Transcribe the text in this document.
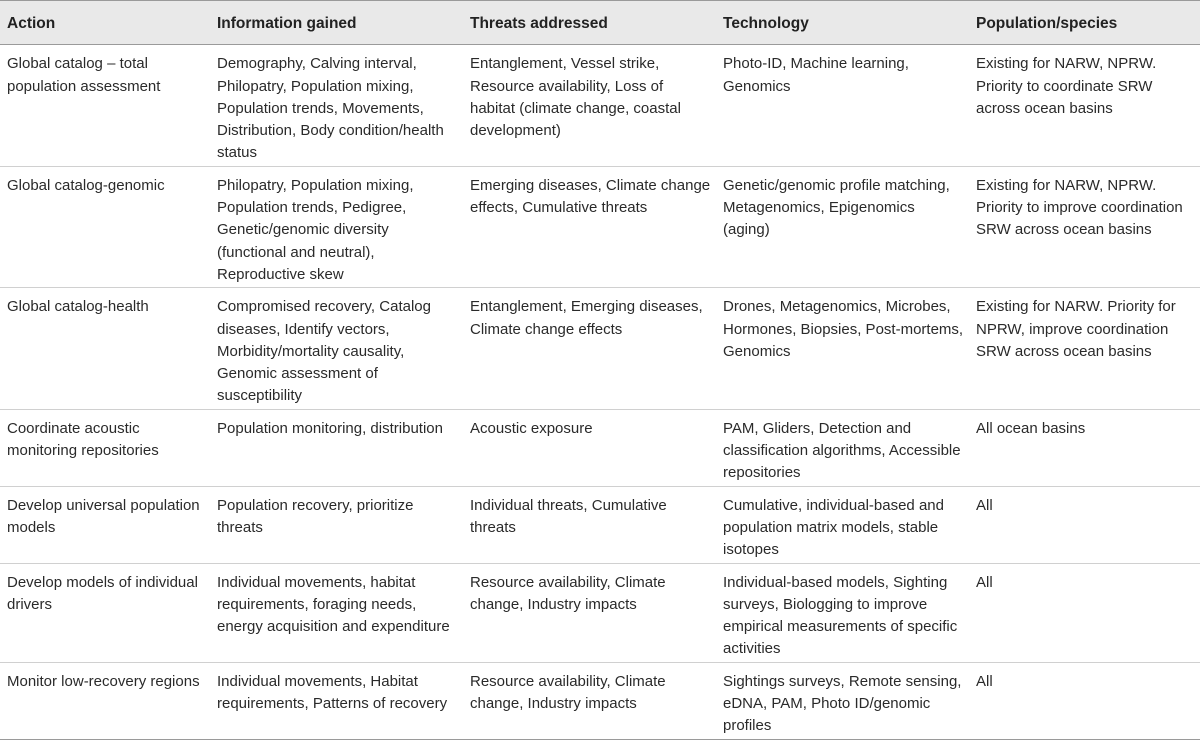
Action	Information gained	Threats addressed	Technology	Population/species
Global catalog – total population assessment	Demography, Calving interval, Philopatry, Population mixing, Population trends, Movements, Distribution, Body condition/health status	Entanglement, Vessel strike, Resource availability, Loss of habitat (climate change, coastal development)	Photo-ID, Machine learning, Genomics	Existing for NARW, NPRW. Priority to coordinate SRW across ocean basins
Global catalog-genomic	Philopatry, Population mixing, Population trends, Pedigree, Genetic/genomic diversity (functional and neutral), Reproductive skew	Emerging diseases, Climate change effects, Cumulative threats	Genetic/genomic profile matching, Metagenomics, Epigenomics (aging)	Existing for NARW, NPRW. Priority to improve coordination SRW across ocean basins
Global catalog-health	Compromised recovery, Catalog diseases, Identify vectors, Morbidity/mortality causality, Genomic assessment of susceptibility	Entanglement, Emerging diseases, Climate change effects	Drones, Metagenomics, Microbes, Hormones, Biopsies, Post-mortems, Genomics	Existing for NARW. Priority for NPRW, improve coordination SRW across ocean basins
Coordinate acoustic monitoring repositories	Population monitoring, distribution	Acoustic exposure	PAM, Gliders, Detection and classification algorithms, Accessible repositories	All ocean basins
Develop universal population models	Population recovery, prioritize threats	Individual threats, Cumulative threats	Cumulative, individual-based and population matrix models, stable isotopes	All
Develop models of individual drivers	Individual movements, habitat requirements, foraging needs, energy acquisition and expenditure	Resource availability, Climate change, Industry impacts	Individual-based models, Sighting surveys, Biologging to improve empirical measurements of specific activities	All
Monitor low-recovery regions	Individual movements, Habitat requirements, Patterns of recovery	Resource availability, Climate change, Industry impacts	Sightings surveys, Remote sensing, eDNA, PAM, Photo ID/genomic profiles	All
